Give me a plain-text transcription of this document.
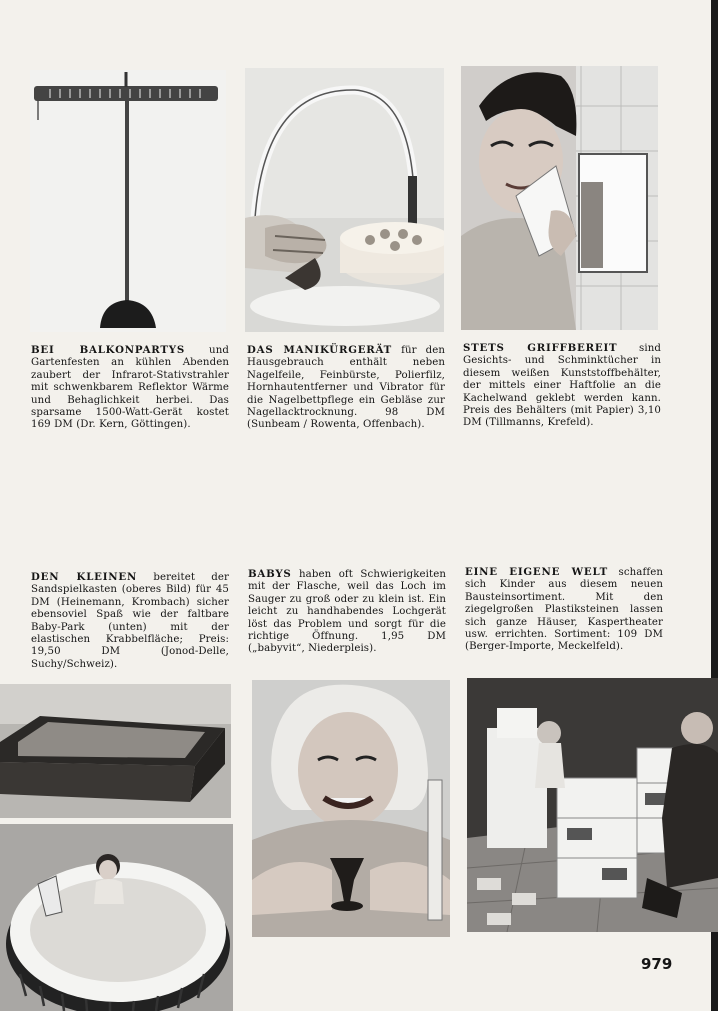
BEI BALKONPARTYS und Gartenfesten an kühlen Abenden zaubert der Infrarot-Stativstrahler mit schwenkbarem Reflektor Wärme und Behaglichkeit herbei. Das sparsame 1500-Watt-Gerät kostet 169 DM (Dr. Kern, Göttingen).

DAS MANIKÜRGERÄT für den Hausgebrauch enthält neben Nagelfeile, Feinbürste, Polierfilz, Hornhautentferner und Vibrator für die Nagelbettpflege ein Gebläse zur Nagellacktrocknung. 98 DM (Sunbeam / Rowenta, Offenbach).

STETS GRIFFBEREIT sind Gesichts- und Schminktücher in diesem weißen Kunststoffbehälter, der mittels einer Haftfolie an die Kachelwand geklebt werden kann. Preis des Behälters (mit Papier) 3,10 DM (Tillmanns, Krefeld).

DEN KLEINEN bereitet der Sandspielkasten (oberes Bild) für 45 DM (Heinemann, Krombach) sicher ebensoviel Spaß wie der faltbare Baby-Park (unten) mit der elastischen Krabbelfläche; Preis: 19,50 DM (Jonod-Delle, Suchy/Schweiz).

BABYS haben oft Schwierigkeiten mit der Flasche, weil das Loch im Sauger zu groß oder zu klein ist. Ein leicht zu handhabendes Lochgerät löst das Problem und sorgt für die richtige Öffnung. 1,95 DM („babyvit“, Niederpleis).

EINE EIGENE WELT schaffen sich Kinder aus diesem neuen Bausteinsortiment. Mit den ziegelgroßen Plastiksteinen lassen sich ganze Häuser, Kaspertheater usw. errichten. Sortiment: 109 DM (Berger-Importe, Meckelfeld).

979
